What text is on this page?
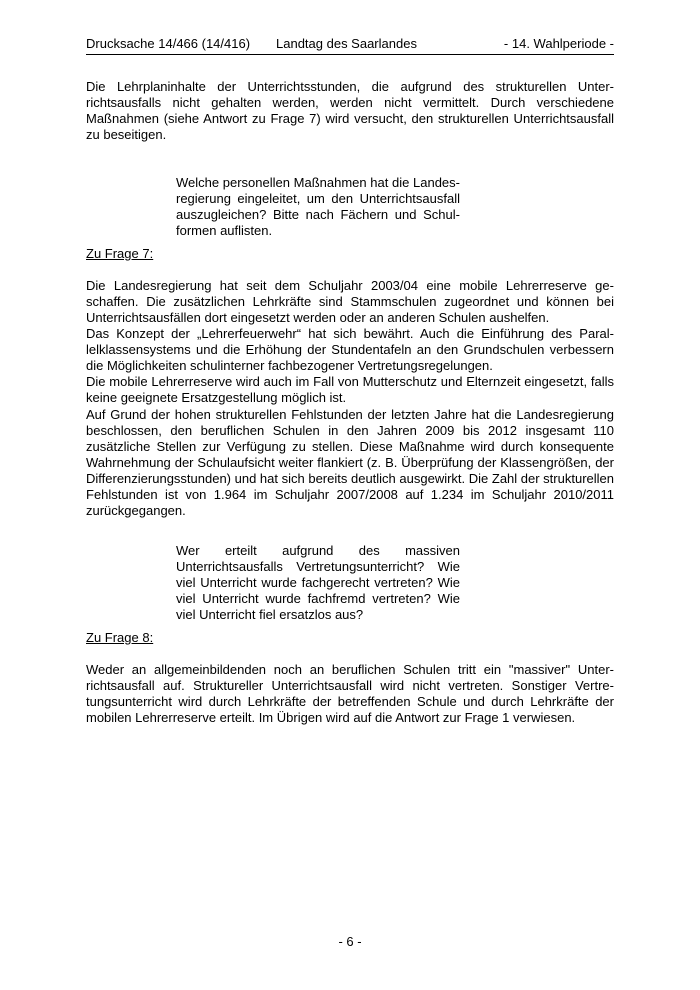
Drucksache 14/466 (14/416) Landtag des Saarlandes	- 14. Wahlperiode -

Die Lehrplaninhalte der Unterrichtsstunden, die aufgrund des strukturellen Unterrichtsausfalls nicht gehalten werden, werden nicht vermittelt. Durch verschiedene Maßnahmen (siehe Antwort zu Frage 7) wird versucht, den strukturellen Unterrichtsausfall zu beseitigen.

Welche personellen Maßnahmen hat die Landesregierung eingeleitet, um den Unterrichtsausfall auszugleichen? Bitte nach Fächern und Schulformen auflisten.

Zu Frage 7:

Die Landesregierung hat seit dem Schuljahr 2003/04 eine mobile Lehrerreserve geschaffen. Die zusätzlichen Lehrkräfte sind Stammschulen zugeordnet und können bei Unterrichtsausfällen dort eingesetzt werden oder an anderen Schulen aushelfen.

Das Konzept der „Lehrerfeuerwehr“ hat sich bewährt. Auch die Einführung des Parallelklassensystems und die Erhöhung der Stundentafeln an den Grundschulen verbessern die Möglichkeiten schulinterner fachbezogener Vertretungsregelungen.

Die mobile Lehrerreserve wird auch im Fall von Mutterschutz und Elternzeit eingesetzt, falls keine geeignete Ersatzgestellung möglich ist.

Auf Grund der hohen strukturellen Fehlstunden der letzten Jahre hat die Landesregierung beschlossen, den beruflichen Schulen in den Jahren 2009 bis 2012 insgesamt 110 zusätzliche Stellen zur Verfügung zu stellen. Diese Maßnahme wird durch konsequente Wahrnehmung der Schulaufsicht weiter flankiert (z. B. Überprüfung der Klassengrößen, der Differenzierungsstunden) und hat sich bereits deutlich ausgewirkt. Die Zahl der strukturellen Fehlstunden ist von 1.964 im Schuljahr 2007/2008 auf 1.234 im Schuljahr 2010/2011 zurückgegangen.

Wer erteilt aufgrund des massiven Unterrichtsausfalls Vertretungsunterricht? Wie viel Unterricht wurde fachgerecht vertreten? Wie viel Unterricht wurde fachfremd vertreten? Wie viel Unterricht fiel ersatzlos aus?

Zu Frage 8:

Weder an allgemeinbildenden noch an beruflichen Schulen tritt ein "massiver" Unterrichtsausfall auf. Struktureller Unterrichtsausfall wird nicht vertreten. Sonstiger Vertretungsunterricht wird durch Lehrkräfte der betreffenden Schule und durch Lehrkräfte der mobilen Lehrerreserve erteilt. Im Übrigen wird auf die Antwort zur Frage 1 verwiesen.

- 6 -
